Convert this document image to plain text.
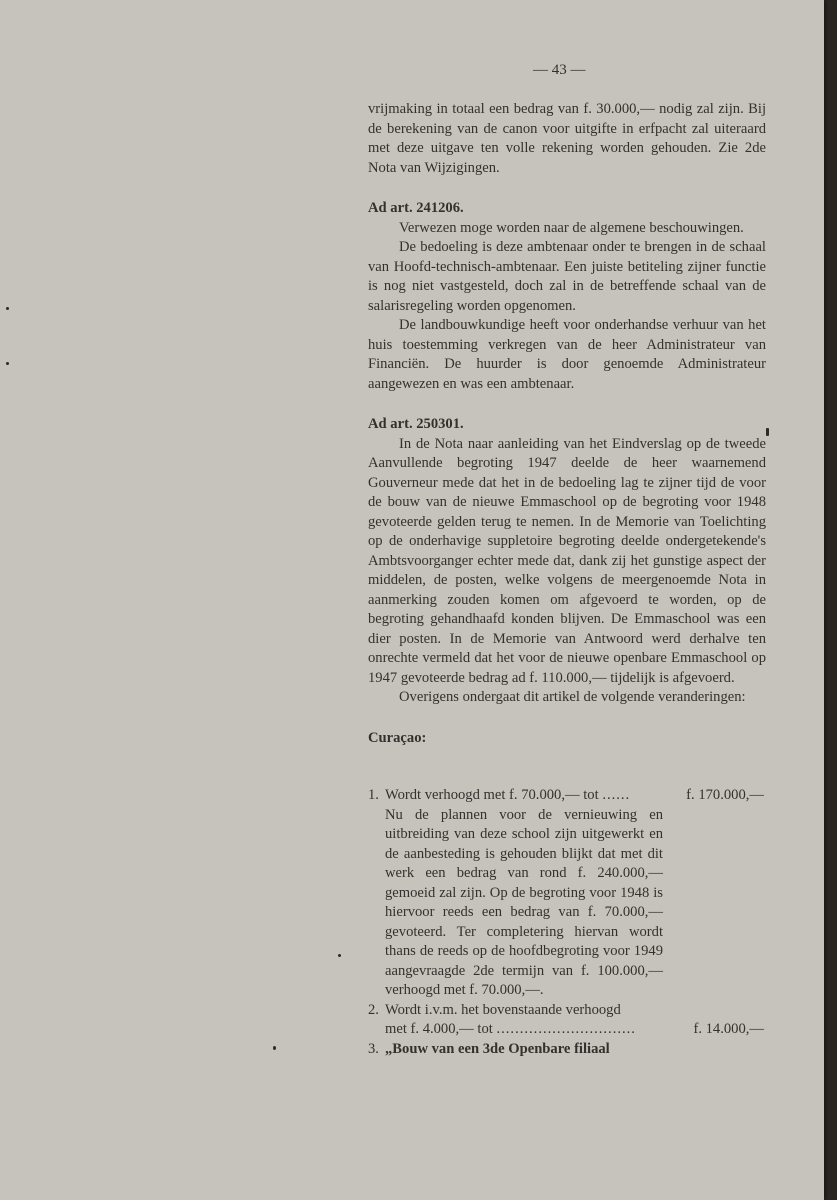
— 43 —

vrijmaking in totaal een bedrag van f. 30.000,— nodig zal zijn. Bij de berekening van de canon voor uitgifte in erfpacht zal uiteraard met deze uitgave ten volle rekening worden gehouden. Zie 2de Nota van Wijzigingen.

Ad art. 241206.

Verwezen moge worden naar de algemene beschouwingen.

De bedoeling is deze ambtenaar onder te brengen in de schaal van Hoofd-technisch-ambtenaar. Een juiste betiteling zijner functie is nog niet vastgesteld, doch zal in de betreffende schaal van de salarisregeling worden opgenomen.

De landbouwkundige heeft voor onderhandse verhuur van het huis toestemming verkregen van de heer Administrateur van Financiën. De huurder is door genoemde Administrateur aangewezen en was een ambtenaar.

Ad art. 250301.

In de Nota naar aanleiding van het Eindverslag op de tweede Aanvullende begroting 1947 deelde de heer waarnemend Gouverneur mede dat het in de bedoeling lag te zijner tijd de voor de bouw van de nieuwe Emmaschool op de begroting voor 1948 gevoteerde gelden terug te nemen. In de Memorie van Toelichting op de onderhavige suppletoire begroting deelde ondergetekende's Ambtsvoorganger echter mede dat, dank zij het gunstige aspect der middelen, de posten, welke volgens de meergenoemde Nota in aanmerking zouden komen om afgevoerd te worden, op de begroting gehandhaafd konden blijven. De Emmaschool was een dier posten. In de Memorie van Antwoord werd derhalve ten onrechte vermeld dat het voor de nieuwe openbare Emmaschool op 1947 gevoteerde bedrag ad f. 110.000,— tijdelijk is afgevoerd.

Overigens ondergaat dit artikel de volgende veranderingen:

Curaçao:
1. Wordt verhoogd met f. 70.000,— tot ......

Nu de plannen voor de vernieuwing en uitbreiding van deze school zijn uitgewerkt en de aanbesteding is gehouden blijkt dat met dit werk een bedrag van rond f. 240.000,— gemoeid zal zijn. Op de begroting voor 1948 is hiervoor reeds een bedrag van f. 70.000,— gevoteerd. Ter completering hiervan wordt thans de reeds op de hoofdbegroting voor 1949 aangevraagde 2de termijn van f. 100.000,— verhoogd met f. 70.000,—.

f. 170.000,—
2. Wordt i.v.m. het bovenstaande verhoogd
met f. 4.000,— tot ..............................	f. 14.000,—
3. „Bouw van een 3de Openbare filiaal
